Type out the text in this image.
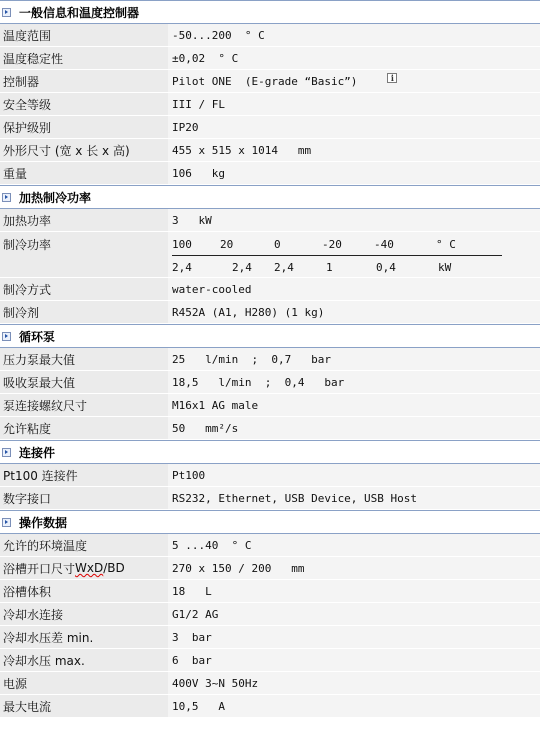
一般信息和温度控制器
温度范围	-50...200  ° C
温度稳定性	±0,02  ° C
控制器	Pilot ONE  (E-grade “Basic”)	i
安全等级	III / FL
保护级别	IP20
外形尺寸 (宽 x 长 x 高)	455 x 515 x 1014   mm
重量	106   kg
加热制冷功率
加热功率	3   kW
制冷功率	100	20	0	-20	-40	° C
2,4	2,4	2,4	1	0,4	kW
制冷方式	water-cooled
制冷剂	R452A (A1, H280) (1 kg)
循环泵
压力泵最大值	25   l/min  ;  0,7   bar
吸收泵最大值	18,5   l/min  ;  0,4   bar
泵连接螺纹尺寸	M16x1 AG male
允许粘度	50   mm²/s
连接件
Pt100 连接件	Pt100
数字接口	RS232, Ethernet, USB Device, USB Host
操作数据
允许的环境温度	5 ...40  ° C
浴槽开口尺寸 WxD /BD	270 x 150 / 200   mm
浴槽体积	18   L
冷却水连接	G1/2 AG
冷却水压差 min.	3  bar
冷却水压 max.	6  bar
电源	400V 3~N 50Hz
最大电流	10,5   A
